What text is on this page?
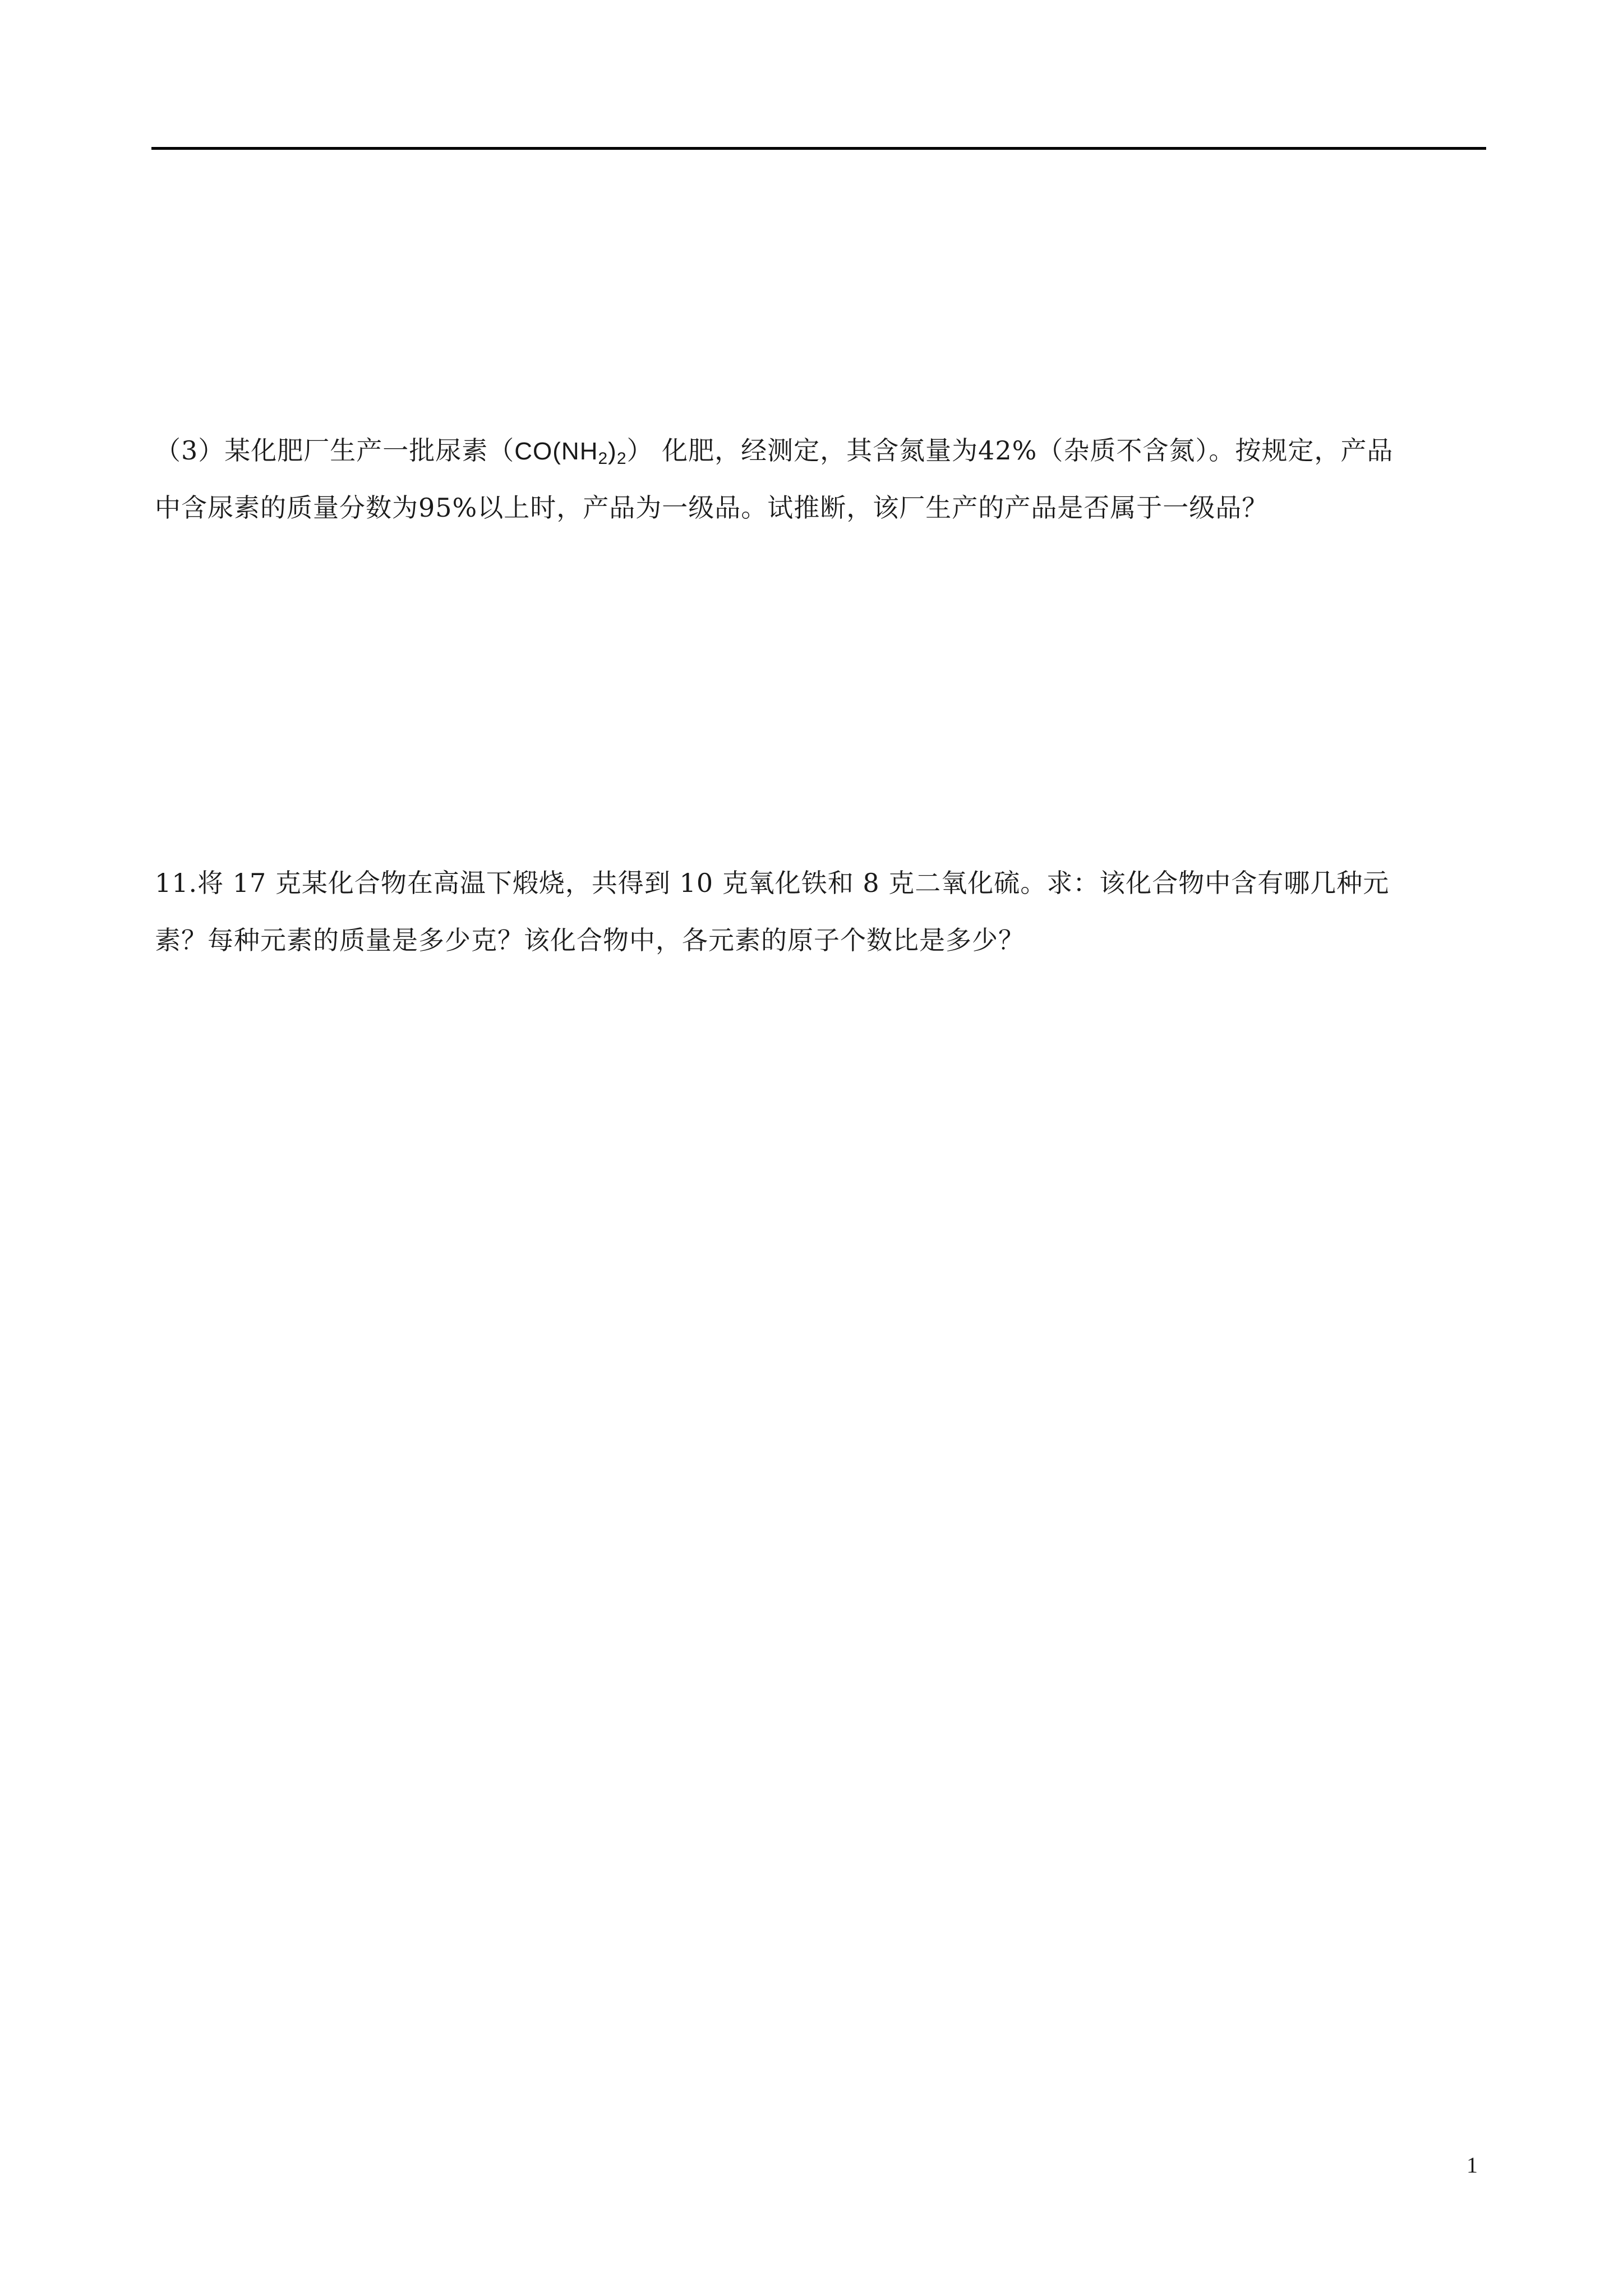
（3）某化肥厂生产一批尿素$(CO(NH_2)_2)$ 化肥，经测定，其含氮量为42%（杂质不含氮）。按规定，产品
中含尿素的质量分数为95%以上时，产品为一级品。试推断，该厂生产的产品是否属于一级品？
11.将 17 克某化合物在高温下煅烧，共得到 10 克氧化铁和 8 克二氧化硫。求：该化合物中含有哪几种元
素？每种元素的质量是多少克？该化合物中，各元素的原子个数比是多少？
1
